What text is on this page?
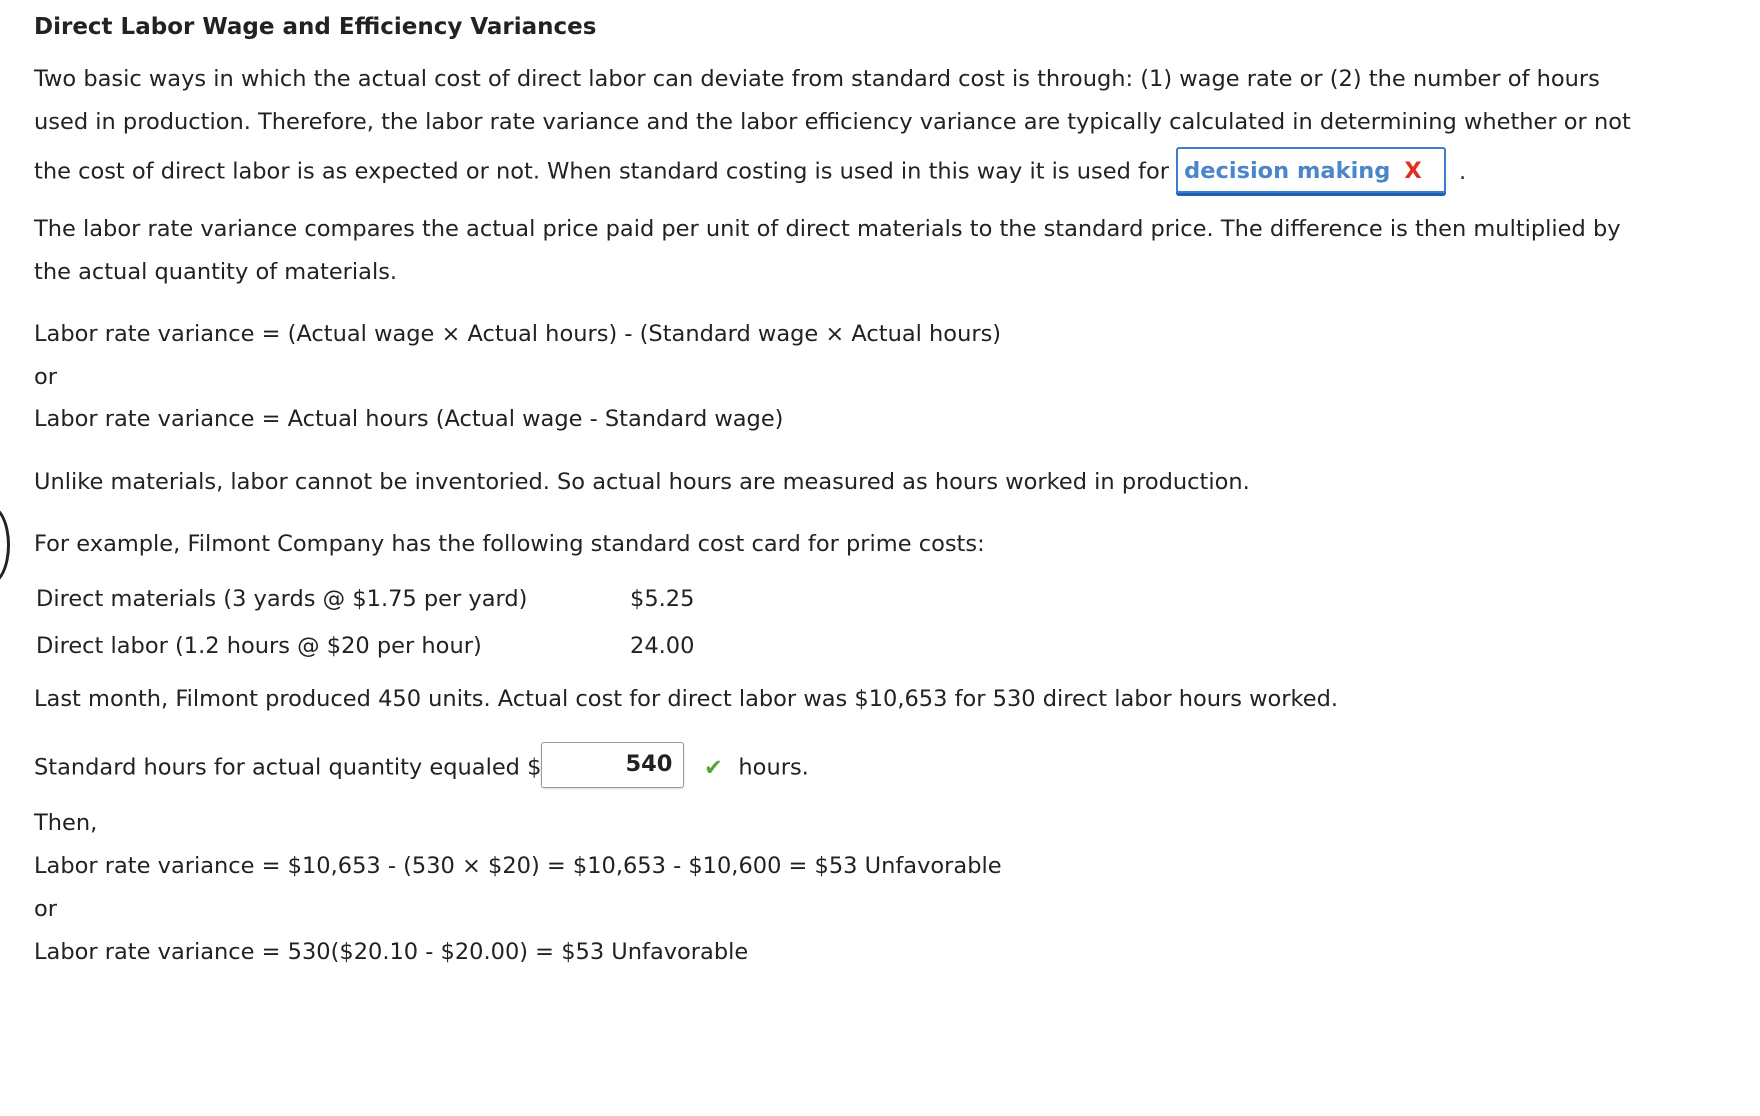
Direct Labor Wage and Efficiency Variances
Two basic ways in which the actual cost of direct labor can deviate from standard cost is through: (1) wage rate or (2) the number of hours
used in production. Therefore, the labor rate variance and the labor efficiency variance are typically calculated in determining whether or not
the cost of direct labor is as expected or not. When standard costing is used in this way it is used for decision making X .
The labor rate variance compares the actual price paid per unit of direct materials to the standard price. The difference is then multiplied by
the actual quantity of materials.
Labor rate variance = (Actual wage × Actual hours) - (Standard wage × Actual hours)
or
Labor rate variance = Actual hours (Actual wage - Standard wage)
Unlike materials, labor cannot be inventoried. So actual hours are measured as hours worked in production.
For example, Filmont Company has the following standard cost card for prime costs:
Direct materials (3 yards @ $1.75 per yard)	$5.25
Direct labor (1.2 hours @ $20 per hour)	24.00
Last month, Filmont produced 450 units. Actual cost for direct labor was $10,653 for 530 direct labor hours worked.
Standard hours for actual quantity equaled $	540 ✔ hours.
Then,
Labor rate variance = $10,653 - (530 × $20) = $10,653 - $10,600 = $53 Unfavorable
or
Labor rate variance = 530($20.10 - $20.00) = $53 Unfavorable
